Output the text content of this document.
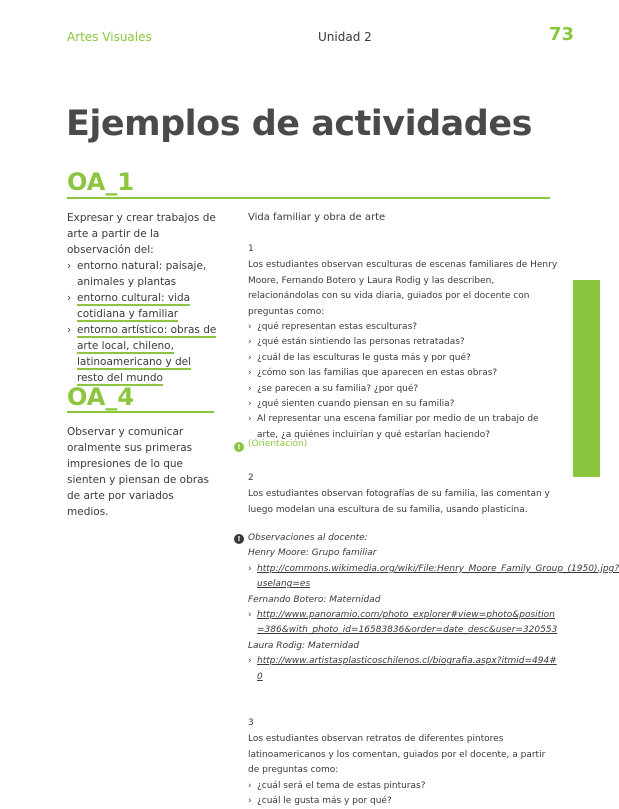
Artes Visuales	Unidad 2	73
Ejemplos de actividades
OA_1

Expresar y crear trabajos de arte a partir de la observación del:

› entorno natural: paisaje, animales y plantas
› entorno cultural: vida cotidiana y familiar
› entorno artístico: obras de arte local, chileno, latinoamericano y del resto del mundo
OA_4

Observar y comunicar oralmente sus primeras impresiones de lo que sienten y piensan de obras de arte por variados medios.

Vida familiar y obra de arte
1

Los estudiantes observan esculturas de escenas familiares de Henry Moore, Fernando Botero y Laura Rodig y las describen, relacionándolas con su vida diaria, guiados por el docente con preguntas como:

› ¿qué representan estas esculturas?
› ¿qué están sintiendo las personas retratadas?
› ¿cuál de las esculturas le gusta más y por qué?
› ¿cómo son las familias que aparecen en estas obras?
› ¿se parecen a su familia? ¿por qué?
› ¿qué sienten cuando piensan en su familia?
› Al representar una escena familiar por medio de un trabajo de arte, ¿a quiénes incluirían y qué estarían haciendo?
! (Orientación)
2

Los estudiantes observan fotografías de su familia, las comentan y luego modelan una escultura de su familia, usando plasticina.

! Observaciones al docente:

Henry Moore: Grupo familiar

› http://commons.wikimedia.org/wiki/File:Henry_Moore_Family_Group_(1950).jpg?uselang=es

Fernando Botero: Maternidad

› http://www.panoramio.com/photo_explorer#view=photo&position=386&with_photo_id=16583836&order=date_desc&user=320553

Laura Rodig: Maternidad

› http://www.artistasplasticoschilenos.cl/biografia.aspx?itmid=494#0
3

Los estudiantes observan retratos de diferentes pintores latinoamericanos y los comentan, guiados por el docente, a partir de preguntas como:

› ¿cuál será el tema de estas pinturas?
› ¿cuál le gusta más y por qué?
